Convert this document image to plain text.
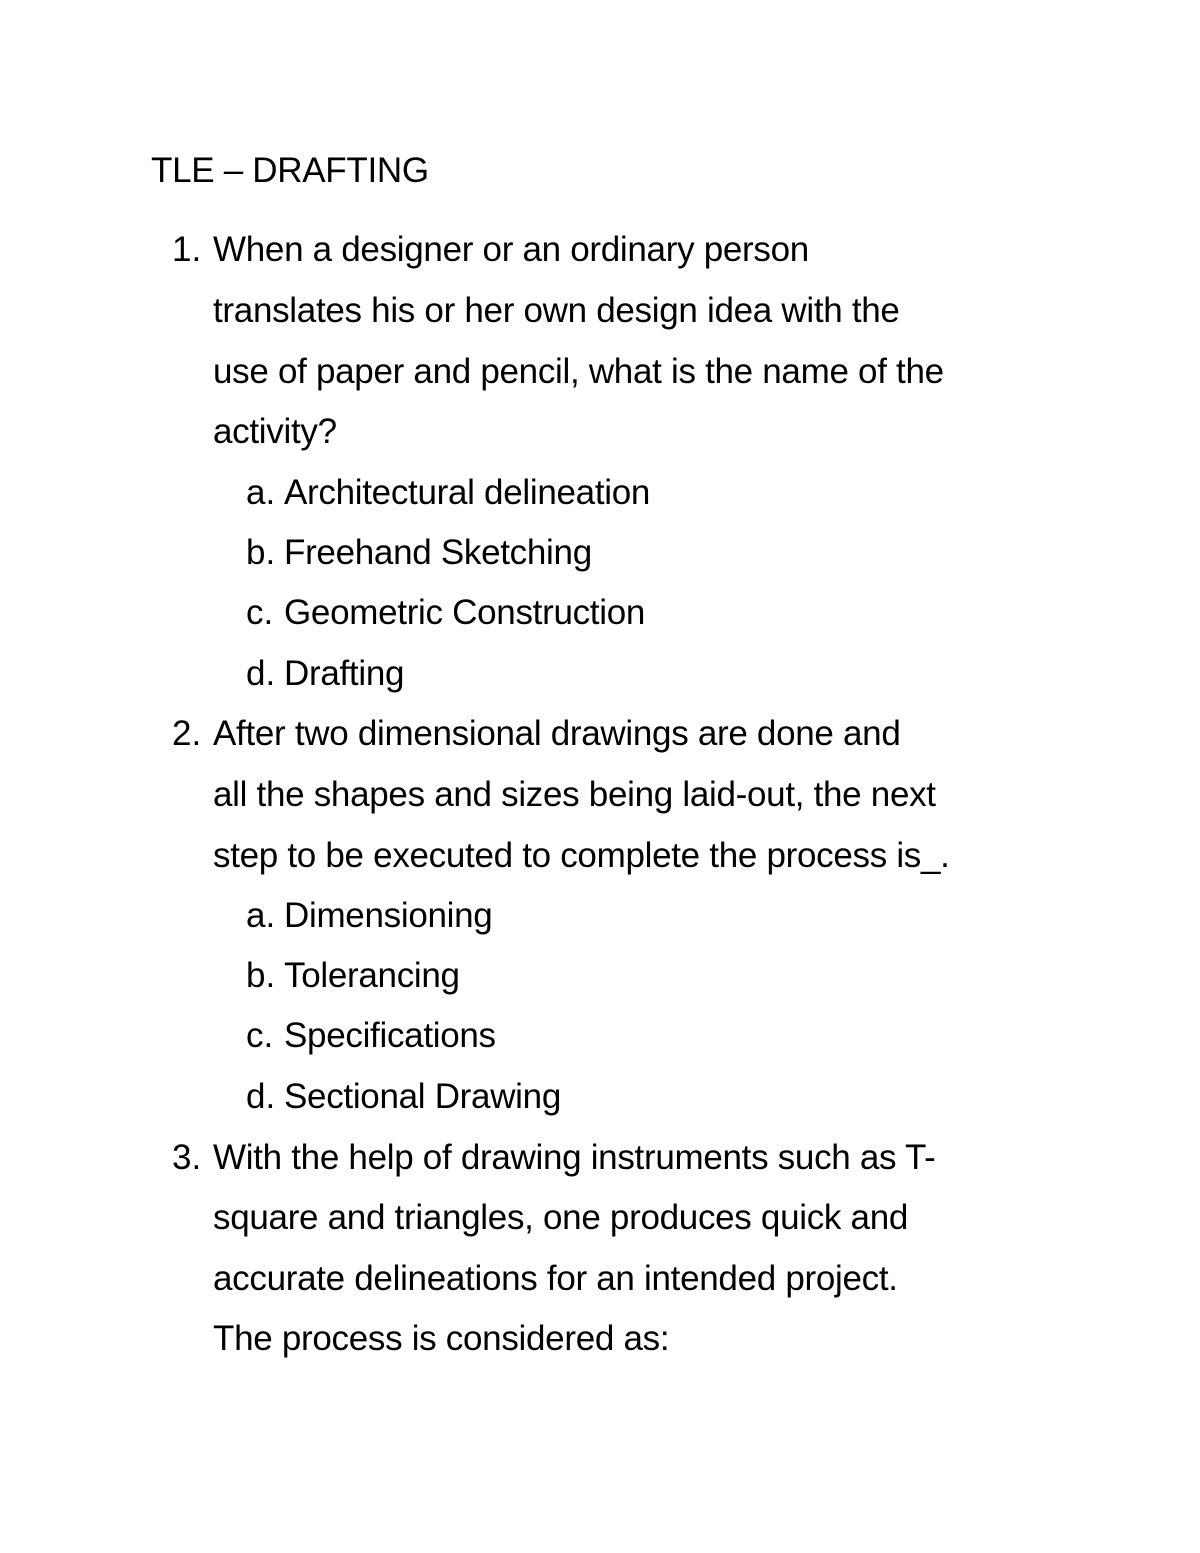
TLE – DRAFTING
1. When a designer or an ordinary person
translates his or her own design idea with the
use of paper and pencil, what is the name of the
activity?
a. Architectural delineation
b. Freehand Sketching
c. Geometric Construction
d. Drafting
2. After two dimensional drawings are done and
all the shapes and sizes being laid-out, the next
step to be executed to complete the process is_.
a. Dimensioning
b. Tolerancing
c. Specifications
d. Sectional Drawing
3. With the help of drawing instruments such as T-
square and triangles, one produces quick and
accurate delineations for an intended project.
The process is considered as:
